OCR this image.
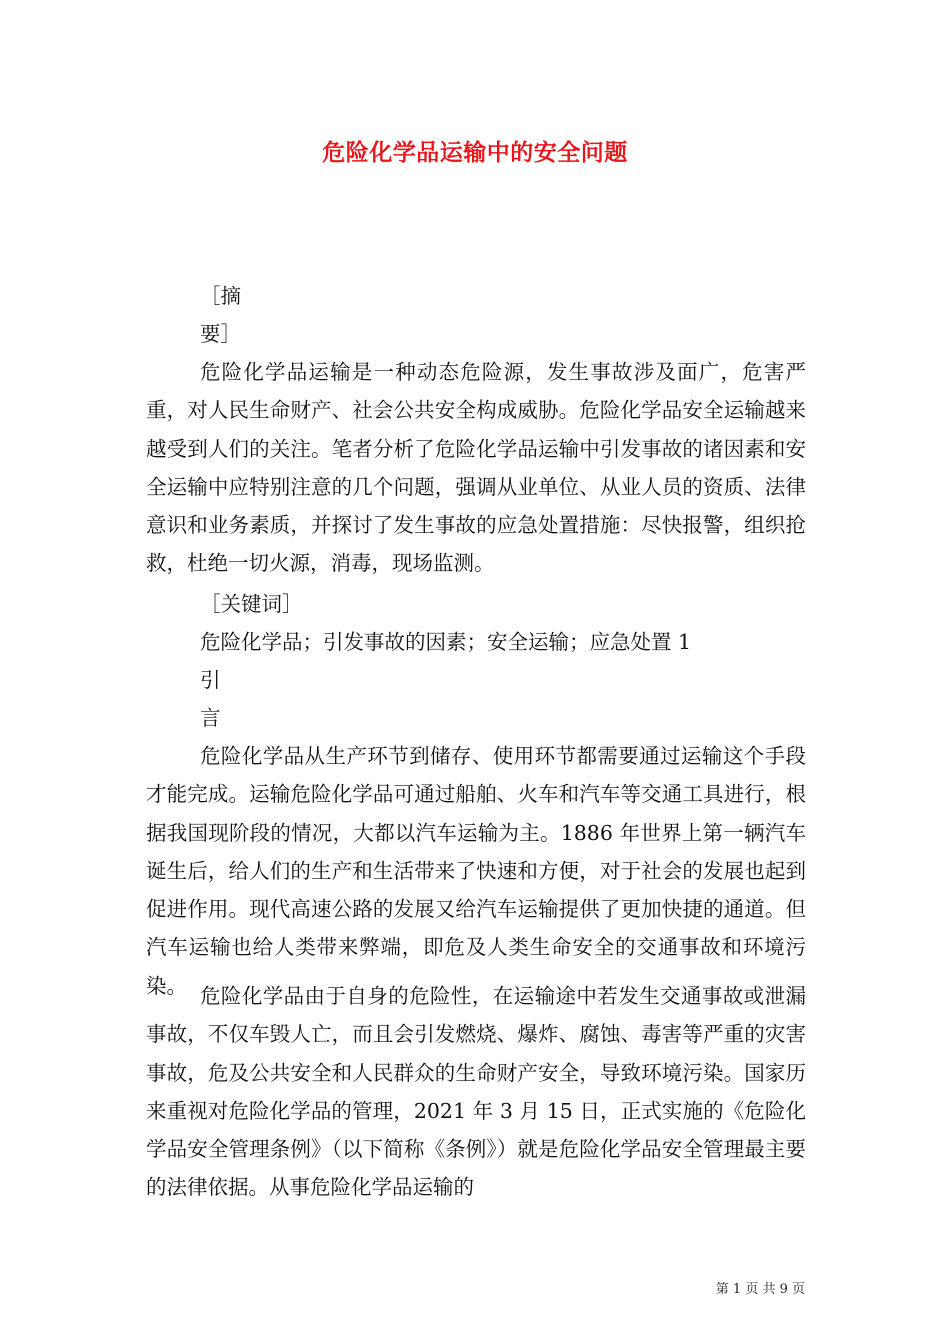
危险化学品运输中的安全问题
［摘
要］
危险化学品运输是一种动态危险源，发生事故涉及面广，危害严重，对人民生命财产、社会公共安全构成威胁。危险化学品安全运输越来越受到人们的关注。笔者分析了危险化学品运输中引发事故的诸因素和安全运输中应特别注意的几个问题，强调从业单位、从业人员的资质、法律意识和业务素质，并探讨了发生事故的应急处置措施：尽快报警，组织抢救，杜绝一切火源，消毒，现场监测。
［关键词］
危险化学品；引发事故的因素；安全运输；应急处置 1
引
言
危险化学品从生产环节到储存、使用环节都需要通过运输这个手段才能完成。运输危险化学品可通过船舶、火车和汽车等交通工具进行，根据我国现阶段的情况，大都以汽车运输为主。1886 年世界上第一辆汽车诞生后，给人们的生产和生活带来了快速和方便，对于社会的发展也起到促进作用。现代高速公路的发展又给汽车运输提供了更加快捷的通道。但汽车运输也给人类带来弊端，即危及人类生命安全的交通事故和环境污染。 危险化学品由于自身的危险性，在运输途中若发生交通事故或泄漏事故，不仅车毁人亡，而且会引发燃烧、爆炸、腐蚀、毒害等严重的灾害事故，危及公共安全和人民群众的生命财产安全，导致环境污染。国家历来重视对危险化学品的管理，2021 年 3 月 15 日，正式实施的《危险化学品安全管理条例》（以下简称《条例》）就是危险化学品安全管理最主要的法律依据。从事危险化学品运输的
第 1 页 共 9 页
